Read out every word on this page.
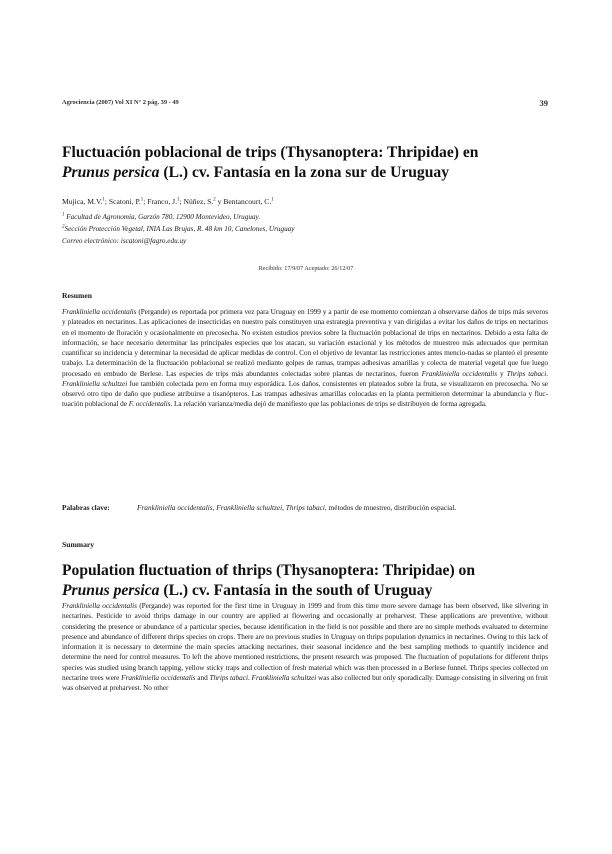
Agrociencia (2007) Vol XI N° 2 pág. 39 - 49	39
Fluctuación poblacional de trips (Thysanoptera: Thripidae) en
Prunus persica (L.) cv. Fantasía en la zona sur de Uruguay
Mujica, M.V.$^1$; Scatoni, P.$^1$; Franco, J.$^1$; Núñez, S.$^2$ y Bentancourt, C.$^1$
$^1$ Facultad de Agronomía, Garzón 780, 12900 Montevideo, Uruguay.
$^2$Sección Protección Vegetal, INIA Las Brujas, R. 48 km 10, Canelones, Uruguay
Correo electrónico: iscatoni@fagro.edu.uy
Recibido: 17/9/07 Aceptado: 26/12/07
Resumen

Frankliniella occidentalis (Pergande) es reportada por primera vez para Uruguay en 1999 y a partir de ese momento comienzan a observarse daños de trips más severos y plateados en nectarinos. Las aplicaciones de insecticidas en nuestro país constituyen una estrategia preventiva y van dirigidas a evitar los daños de trips en nectarinos en el momento de floración y ocasionalmente en precosecha. No existen estudios previos sobre la fluctuación poblacional de trips en nectarinos. Debido a esta falta de información, se hace necesario determinar las principales especies que los atacan, su variación estacional y los métodos de muestreo más adecuados que permitan cuantificar su incidencia y determinar la necesidad de aplicar medidas de control. Con el objetivo de levantar las restricciones antes mencio-nadas se planteó el presente trabajo. La determinación de la fluctuación poblacional se realizó mediante golpes de ramas, trampas adhesivas amarillas y colecta de material vegetal que fue luego procesado en embudo de Berlese. Las especies de trips más abundantes colectadas sobre plantas de nectarinos, fueron Frankliniella occidentalis y Thrips tabaci. Frankliniella schultzei fue también colectada pero en forma muy esporádica. Los daños, consistentes en plateados sobre la fruta, se visualizaron en precosecha. No se observó otro tipo de daño que pudiese atribuirse a tisanópteros. Las trampas adhesivas amarillas colocadas en la planta permitieron determinar la abundancia y fluc-tuación poblacional de F. occidentalis. La relación varianza/media dejó de manifiesto que las poblaciones de trips se distribuyen de forma agregada.

Palabras clave:	Frankliniella occidentalis, Frankliniella schultzei, Thrips tabaci, métodos de muestreo, distribución espacial.
Summary
Population fluctuation of thrips (Thysanoptera: Thripidae) on
Prunus persica (L.) cv. Fantasía in the south of Uruguay

Frankliniella occidentalis (Pergande) was reported for the first time in Uruguay in 1999 and from this time more severe damage has been observed, like silvering in nectarines. Pesticide to avoid thrips damage in our country are applied at flowering and occasionally at preharvest. These applications are preventive, without considering the presence or abundance of a particular species, because identification in the field is not possible and there are no simple methods evaluated to determine presence and abundance of different thrips species on crops. There are no previous studies in Uruguay on thrips population dynamics in nectarines. Owing to this lack of information it is necessary to determine the main species attacking nectarines, their seasonal incidence and the best sampling methods to quantify incidence and determine the need for control measures. To left the above mentioned restrictions, the present research was proposed. The fluctuation of populations for different thrips species was studied using branch tapping, yellow sticky traps and collection of fresh material which was then processed in a Berlese funnel. Thrips species collected on nectarine trees were Frankliniella occidentalis and Thrips tabaci. Frankliniella schultzei was also collected but only sporadically. Damage consisting in silvering on fruit was observed at preharvest. No other
